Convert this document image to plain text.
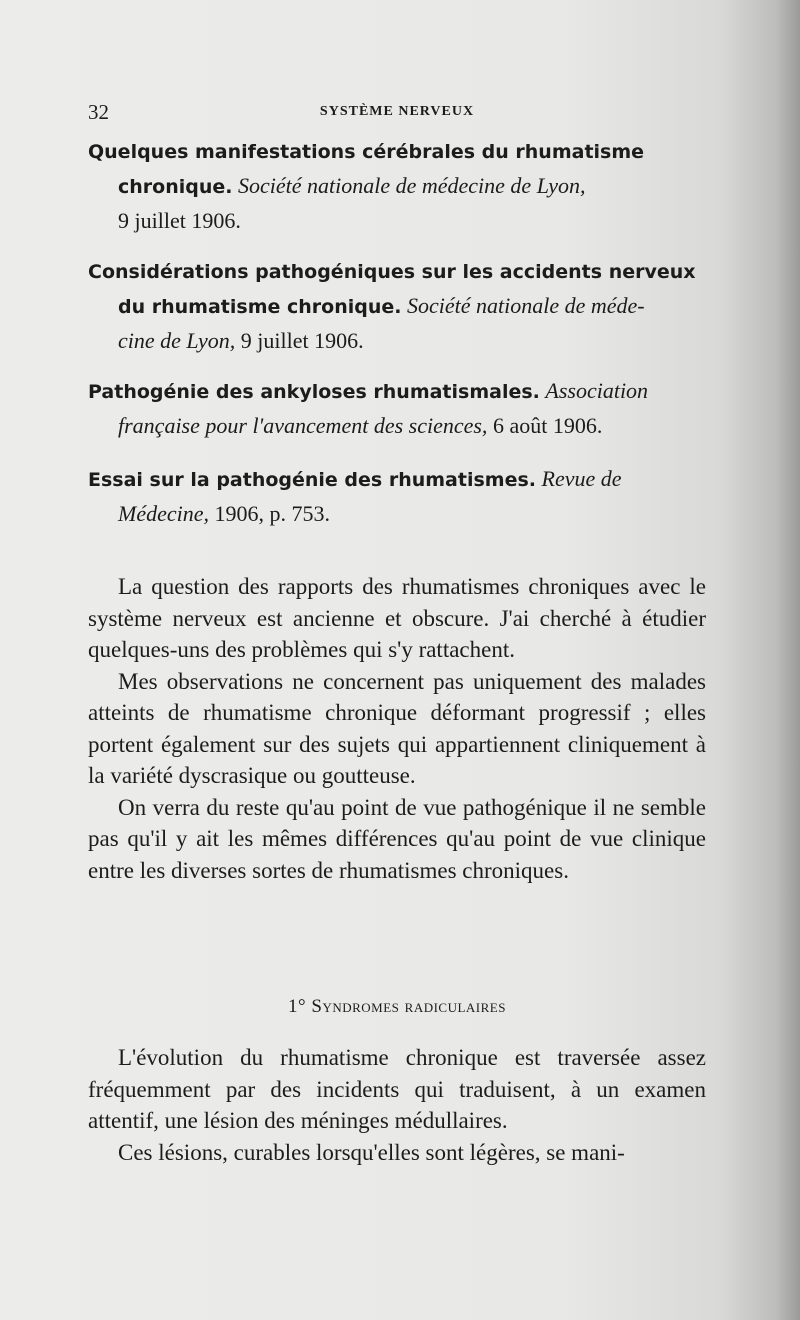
32	SYSTÈME NERVEUX
Quelques manifestations cérébrales du rhumatisme
chronique. Société nationale de médecine de Lyon,
9 juillet 1906.
Considérations pathogéniques sur les accidents nerveux
du rhumatisme chronique. Société nationale de méde-
cine de Lyon, 9 juillet 1906.
Pathogénie des ankyloses rhumatismales. Association
française pour l'avancement des sciences, 6 août 1906.
Essai sur la pathogénie des rhumatismes. Revue de
Médecine, 1906, p. 753.

La question des rapports des rhumatismes chroniques avec le système nerveux est ancienne et obscure. J'ai cherché à étudier quelques-uns des problèmes qui s'y rattachent.

Mes observations ne concernent pas uniquement des malades atteints de rhumatisme chronique déformant progressif ; elles portent également sur des sujets qui appartiennent cliniquement à la variété dyscrasique ou goutteuse.

On verra du reste qu'au point de vue pathogénique il ne semble pas qu'il y ait les mêmes différences qu'au point de vue clinique entre les diverses sortes de rhumatismes chroniques.

1° Syndromes radiculaires

L'évolution du rhumatisme chronique est traversée assez fréquemment par des incidents qui traduisent, à un examen attentif, une lésion des méninges médullaires.

Ces lésions, curables lorsqu'elles sont légères, se mani-
